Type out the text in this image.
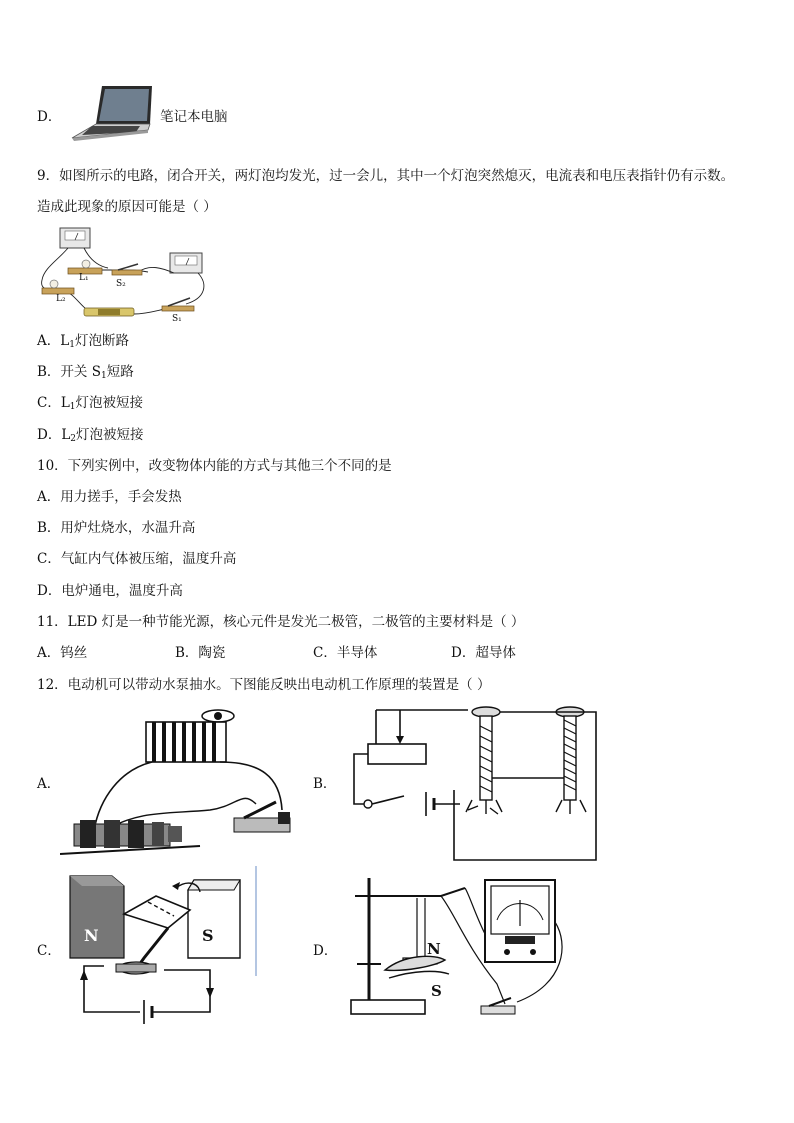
D．	笔记本电脑
9．如图所示的电路，闭合开关，两灯泡均发光，过一会儿，其中一个灯泡突然熄灭，电流表和电压表指针仍有示数。
造成此现象的原因可能是（ ）
L₁
S₂
L₂
S₁
A．$L_1$灯泡断路
B．开关 $S_1$短路
C．$L_1$灯泡被短接
D．$L_2$灯泡被短接
10．下列实例中，改变物体内能的方式与其他三个不同的是
A．用力搓手，手会发热
B．用炉灶烧水，水温升高
C．气缸内气体被压缩，温度升高
D．电炉通电，温度升高
11．LED 灯是一种节能光源，核心元件是发光二极管，二极管的主要材料是（ ）
A．钨丝	B．陶瓷	C．半导体	D．超导体
12．电动机可以带动水泵抽水。下图能反映出电动机工作原理的装置是（ ）
A．	B．
C．
N	S
D．	N
S
